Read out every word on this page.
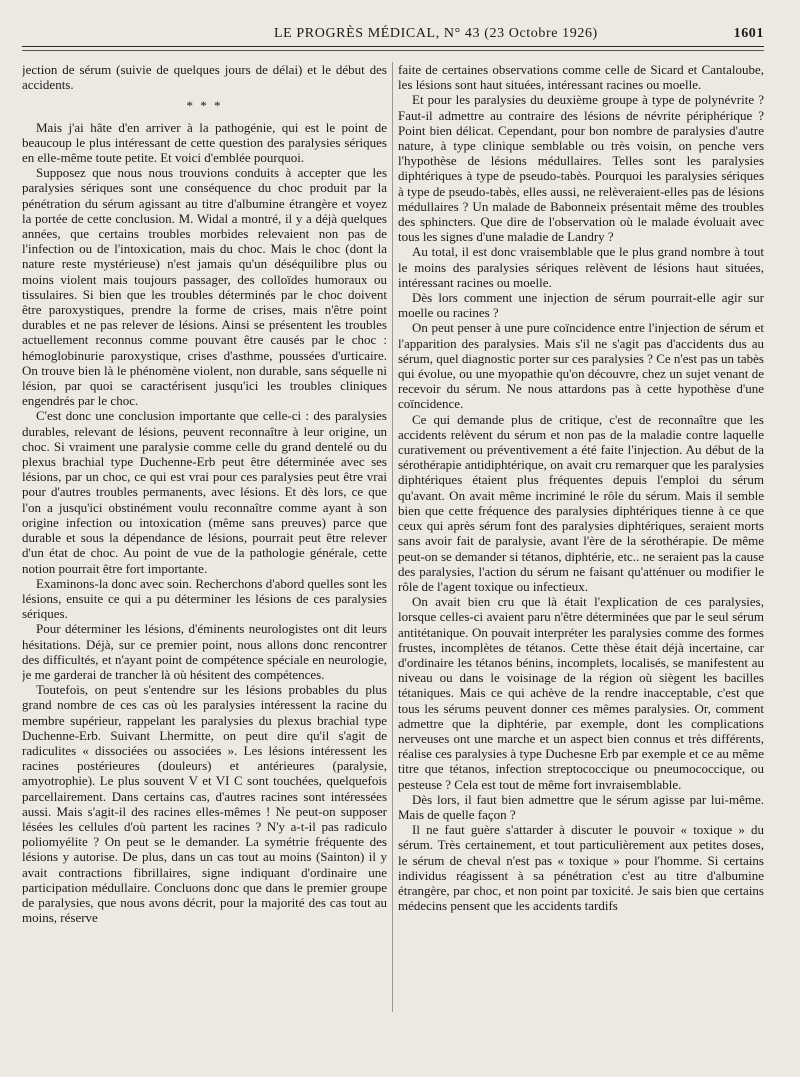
LE PROGRÈS MÉDICAL, N° 43 (23 Octobre 1926)	1601

jection de sérum (suivie de quelques jours de délai) et le début des accidents.

* * *

Mais j'ai hâte d'en arriver à la pathogénie, qui est le point de beaucoup le plus intéressant de cette question des paralysies sériques en elle-même toute petite. Et voici d'emblée pourquoi.

Supposez que nous nous trouvions conduits à accepter que les paralysies sériques sont une conséquence du choc produit par la pénétration du sérum agissant au titre d'albumine étrangère et voyez la portée de cette conclusion. M. Widal a montré, il y a déjà quelques années, que certains troubles morbides relevaient non pas de l'infection ou de l'intoxication, mais du choc. Mais le choc (dont la nature reste mystérieuse) n'est jamais qu'un déséquilibre plus ou moins violent mais toujours passager, des colloïdes humoraux ou tissulaires. Si bien que les troubles déterminés par le choc doivent être paroxystiques, prendre la forme de crises, mais n'être point durables et ne pas relever de lésions. Ainsi se présentent les troubles actuellement reconnus comme pouvant être causés par le choc : hémoglobinurie paroxystique, crises d'asthme, poussées d'urticaire. On trouve bien là le phénomène violent, non durable, sans séquelle ni lésion, par quoi se caractérisent jusqu'ici les troubles cliniques engendrés par le choc.

C'est donc une conclusion importante que celle-ci : des paralysies durables, relevant de lésions, peuvent reconnaître à leur origine, un choc. Si vraiment une paralysie comme celle du grand dentelé ou du plexus brachial type Duchenne-Erb peut être déterminée avec ses lésions, par un choc, ce qui est vrai pour ces paralysies peut être vrai pour d'autres troubles permanents, avec lésions. Et dès lors, ce que l'on a jusqu'ici obstinément voulu reconnaître comme ayant à son origine infection ou intoxication (même sans preuves) parce que durable et sous la dépendance de lésions, pourrait peut être relever d'un état de choc. Au point de vue de la pathologie générale, cette notion pourrait être fort importante.

Examinons-la donc avec soin. Recherchons d'abord quelles sont les lésions, ensuite ce qui a pu déterminer les lésions de ces paralysies sériques.

Pour déterminer les lésions, d'éminents neurologistes ont dit leurs hésitations. Déjà, sur ce premier point, nous allons donc rencontrer des difficultés, et n'ayant point de compétence spéciale en neurologie, je me garderai de trancher là où hésitent des compétences.

Toutefois, on peut s'entendre sur les lésions probables du plus grand nombre de ces cas où les paralysies intéressent la racine du membre supérieur, rappelant les paralysies du plexus brachial type Duchenne-Erb. Suivant Lhermitte, on peut dire qu'il s'agit de radiculites « dissociées ou associées ». Les lésions intéressent les racines postérieures (douleurs) et antérieures (paralysie, amyotrophie). Le plus souvent V et VI C sont touchées, quelquefois parcellairement. Dans certains cas, d'autres racines sont intéressées aussi. Mais s'agit-il des racines elles-mêmes ! Ne peut-on supposer lésées les cellules d'où partent les racines ? N'y a-t-il pas radiculo poliomyélite ? On peut se le demander. La symétrie fréquente des lésions y autorise. De plus, dans un cas tout au moins (Sainton) il y avait contractions fibrillaires, signe indiquant d'ordinaire une participation médullaire. Concluons donc que dans le premier groupe de paralysies, que nous avons décrit, pour la majorité des cas tout au moins, réserve

faite de certaines observations comme celle de Sicard et Cantaloube, les lésions sont haut situées, intéressant racines ou moelle.

Et pour les paralysies du deuxième groupe à type de polynévrite ? Faut-il admettre au contraire des lésions de névrite périphérique ? Point bien délicat. Cependant, pour bon nombre de paralysies d'autre nature, à type clinique semblable ou très voisin, on penche vers l'hypothèse de lésions médullaires. Telles sont les paralysies diphtériques à type de pseudo-tabès. Pourquoi les paralysies sériques à type de pseudo-tabès, elles aussi, ne relèveraient-elles pas de lésions médullaires ? Un malade de Babonneix présentait même des troubles des sphincters. Que dire de l'observation où le malade évoluait avec tous les signes d'une maladie de Landry ?

Au total, il est donc vraisemblable que le plus grand nombre à tout le moins des paralysies sériques relèvent de lésions haut situées, intéressant racines ou moelle.

Dès lors comment une injection de sérum pourrait-elle agir sur moelle ou racines ?

On peut penser à une pure coïncidence entre l'injection de sérum et l'apparition des paralysies. Mais s'il ne s'agit pas d'accidents dus au sérum, quel diagnostic porter sur ces paralysies ? Ce n'est pas un tabès qui évolue, ou une myopathie qu'on découvre, chez un sujet venant de recevoir du sérum. Ne nous attardons pas à cette hypothèse d'une coïncidence.

Ce qui demande plus de critique, c'est de reconnaître que les accidents relèvent du sérum et non pas de la maladie contre laquelle curativement ou préventivement a été faite l'injection. Au début de la sérothérapie antidiphtérique, on avait cru remarquer que les paralysies diphtériques étaient plus fréquentes depuis l'emploi du sérum qu'avant. On avait même incriminé le rôle du sérum. Mais il semble bien que cette fréquence des paralysies diphtériques tienne à ce que ceux qui après sérum font des paralysies diphtériques, seraient morts sans avoir fait de paralysie, avant l'ère de la sérothérapie. De même peut-on se demander si tétanos, diphtérie, etc.. ne seraient pas la cause des paralysies, l'action du sérum ne faisant qu'atténuer ou modifier le rôle de l'agent toxique ou infectieux.

On avait bien cru que là était l'explication de ces paralysies, lorsque celles-ci avaient paru n'être déterminées que par le seul sérum antitétanique. On pouvait interpréter les paralysies comme des formes frustes, incomplètes de tétanos. Cette thèse était déjà incertaine, car d'ordinaire les tétanos bénins, incomplets, localisés, se manifestent au niveau ou dans le voisinage de la région où siègent les bacilles tétaniques. Mais ce qui achève de la rendre inacceptable, c'est que tous les sérums peuvent donner ces mêmes paralysies. Or, comment admettre que la diphtérie, par exemple, dont les complications nerveuses ont une marche et un aspect bien connus et très différents, réalise ces paralysies à type Duchesne Erb par exemple et ce au même titre que tétanos, infection streptococcique ou pneumococcique, ou pesteuse ? Cela est tout de même fort invraisemblable.

Dès lors, il faut bien admettre que le sérum agisse par lui-même. Mais de quelle façon ?

Il ne faut guère s'attarder à discuter le pouvoir « toxique » du sérum. Très certainement, et tout particulièrement aux petites doses, le sérum de cheval n'est pas « toxique » pour l'homme. Si certains individus réagissent à sa pénétration c'est au titre d'albumine étrangère, par choc, et non point par toxicité. Je sais bien que certains médecins pensent que les accidents tardifs
